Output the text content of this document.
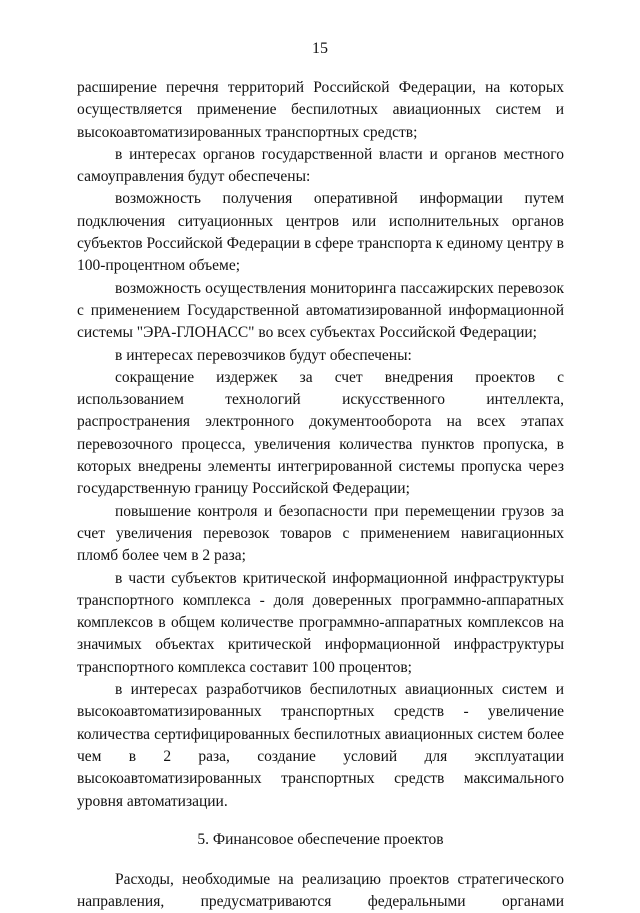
15

расширение перечня территорий Российской Федерации, на которых осуществляется применение беспилотных авиационных систем и высокоавтоматизированных транспортных средств;

в интересах органов государственной власти и органов местного самоуправления будут обеспечены:

возможность получения оперативной информации путем подключения ситуационных центров или исполнительных органов субъектов Российской Федерации в сфере транспорта к единому центру в 100-процентном объеме;

возможность осуществления мониторинга пассажирских перевозок с применением Государственной автоматизированной информационной системы "ЭРА-ГЛОНАСС" во всех субъектах Российской Федерации;

в интересах перевозчиков будут обеспечены:

сокращение издержек за счет внедрения проектов с использованием технологий искусственного интеллекта, распространения электронного документооборота на всех этапах перевозочного процесса, увеличения количества пунктов пропуска, в которых внедрены элементы интегрированной системы пропуска через государственную границу Российской Федерации;

повышение контроля и безопасности при перемещении грузов за счет увеличения перевозок товаров с применением навигационных пломб более чем в 2 раза;

в части субъектов критической информационной инфраструктуры транспортного комплекса - доля доверенных программно-аппаратных комплексов в общем количестве программно-аппаратных комплексов на значимых объектах критической информационной инфраструктуры транспортного комплекса составит 100 процентов;

в интересах разработчиков беспилотных авиационных систем и высокоавтоматизированных транспортных средств - увеличение количества сертифицированных беспилотных авиационных систем более чем в 2 раза, создание условий для эксплуатации высокоавтоматизированных транспортных средств максимального уровня автоматизации.

5. Финансовое обеспечение проектов

Расходы, необходимые на реализацию проектов стратегического направления, предусматриваются федеральными органами
